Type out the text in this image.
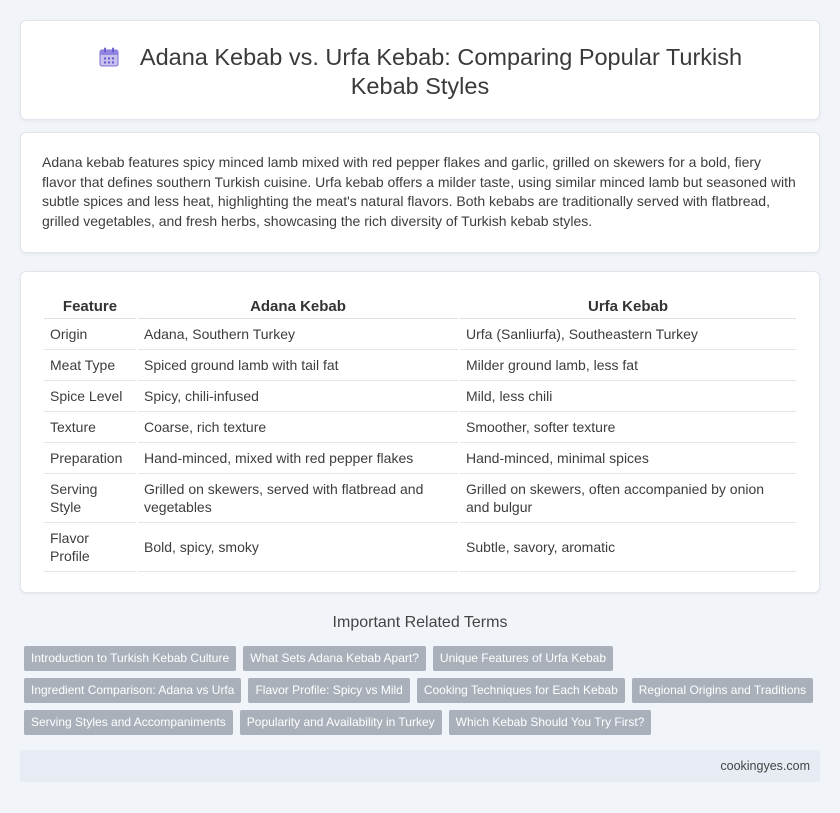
Adana Kebab vs. Urfa Kebab: Comparing Popular Turkish Kebab Styles

Adana kebab features spicy minced lamb mixed with red pepper flakes and garlic, grilled on skewers for a bold, fiery flavor that defines southern Turkish cuisine. Urfa kebab offers a milder taste, using similar minced lamb but seasoned with subtle spices and less heat, highlighting the meat's natural flavors. Both kebabs are traditionally served with flatbread, grilled vegetables, and fresh herbs, showcasing the rich diversity of Turkish kebab styles.

Feature	Adana Kebab	Urfa Kebab
Origin	Adana, Southern Turkey	Urfa (Sanliurfa), Southeastern Turkey
Meat Type	Spiced ground lamb with tail fat	Milder ground lamb, less fat
Spice Level	Spicy, chili-infused	Mild, less chili
Texture	Coarse, rich texture	Smoother, softer texture
Preparation	Hand-minced, mixed with red pepper flakes	Hand-minced, minimal spices
Serving Style	Grilled on skewers, served with flatbread and vegetables	Grilled on skewers, often accompanied by onion and bulgur
Flavor Profile	Bold, spicy, smoky	Subtle, savory, aromatic
Important Related Terms
Introduction to Turkish Kebab Culture	What Sets Adana Kebab Apart?	Unique Features of Urfa Kebab
Ingredient Comparison: Adana vs Urfa	Flavor Profile: Spicy vs Mild	Cooking Techniques for Each Kebab	Regional Origins and Traditions
Serving Styles and Accompaniments	Popularity and Availability in Turkey	Which Kebab Should You Try First?
cookingyes.com
